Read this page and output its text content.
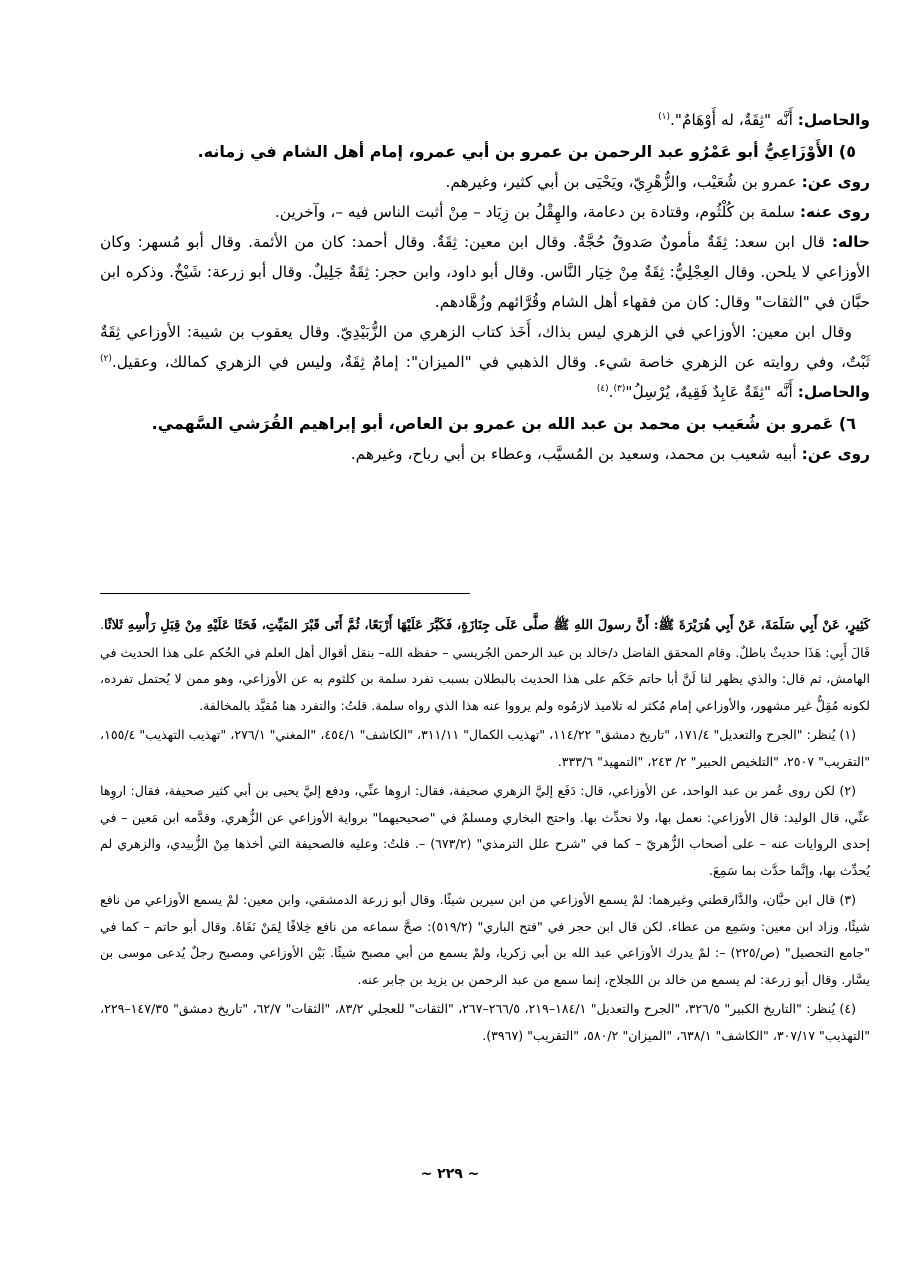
والحاصل: أَنَّه "ثِقَةٌ، له أَوْهَامٌ".$^{(١)}$

٥) الأَوْزَاعِيُّ أبو عَمْرُو عبد الرحمن بن عمرو بن أبي عمرو، إمام أهل الشام في زمانه.

روى عن: عمرو بن شُعَيْب، والزُّهْرِيّ، ويَحْيَى بن أبي كثير، وغيرهم.

روى عنه: سلمة بن كُلْثُوم، وقتادة بن دعامة، والهِقْلُ بن زِيَاد – مِنْ أثبت الناس فيه –، وآخرين.

حاله: قال ابن سعد: ثِقَةٌ مأمونٌ صَدوقٌ حُجَّةٌ. وقال ابن معين: ثِقَةٌ. وقال أحمد: كان من الأئمة. وقال أبو مُسهر: وكان الأوزاعي لا يلحن. وقال العِجْلِيُّ: ثِقَةٌ مِنْ خِيَار النَّاس. وقال أبو داود، وابن حجر: ثِقَةٌ جَلِيلٌ. وقال أبو زرعة: شَيْخٌ. وذكره ابن حبَّان في "الثقات" وقال: كان من فقهاء أهل الشام وقُرَّائهم وزُهَّادهم.

وقال ابن معين: الأوزاعي في الزهري ليس بذاك، أَخَذ كتاب الزهري من الزُّبَيْدِيّ. وقال يعقوب بن شيبة: الأوزاعي ثِقَةٌ ثَبْتٌ، وفي روايته عن الزهري خاصة شيء. وقال الذهبي في "الميزان": إمامٌ ثِقَةٌ، وليس في الزهري كمالك، وعقيل.$^{(٢)}$ والحاصل: أَنَّه "ثِقَةٌ عَابِدٌ فَقِيهٌ، يُرْسِلُ"$^{(٣)}$.$^{(٤)}$

٦) عَمرو بن شُعَيب بن محمد بن عبد الله بن عمرو بن العاص، أبو إبراهيم القُرَشي السَّهمي.

روى عن: أبيه شعيب بن محمد، وسعيد بن المُسيَّب، وعطاء بن أبي رباح، وغيرهم.

كَثِيرٍ، عَنْ أَبِي سَلَمَةَ، عَنْ أَبِي هُرَيْرَةَ ﷺ: أَنَّ رسولَ اللهِ ﷺ صلَّى عَلَى جِنَازَةٍ، فَكَبَّرَ عَلَيْهَا أَرْبَعًا، ثُمَّ أَتَى قَبْرَ المَيِّتِ، فَحَثَا عَلَيْهِ مِنْ قِبَلِ رَأْسِهِ ثَلاثًا. قَالَ أَبِي: هَذَا حديثٌ باطلٌ. وقام المحقق الفاضل د/خالد بن عبد الرحمن الجُريسي – حفظه الله– بنقل أقوال أهل العلم في الحُكم على هذا الحديث في الهامش، ثم قال: والذي يظهر لنا لَنَّ أبا حاتم حَكَم على هذا الحديث بالبطلان بسبب تفرد سلمة بن كلثوم به عن الأوزاعي، وهو ممن لا يُحتمل تفرده، لكونه مُقِلٌّ غير مشهور، والأوزاعي إمام مُكثر له تلاميذ لازمُوه ولم يرووا عنه هذا الذي رواه سلمة. قلتُ: والتفرد هنا مُقيَّد بالمخالفة.

(١) يُنظر: "الجرح والتعديل" ١٧١/٤، "تاريخ دمشق" ١١٤/٢٢، "تهذيب الكمال" ٣١١/١١، "الكاشف" ٤٥٤/١، "المغني" ٢٧٦/١، "تهذيب التهذيب" ١٥٥/٤، "التقريب" ٢٥٠٧، "التلخيص الحبير" ٢/ ٢٤٣، "التمهيد" ٣٣٣/٦.

(٢) لكن روى عُمر بن عبد الواحد، عن الأوزاعي، قال: دَفَع إليَّ الزهري صحيفة، فقال: اروِها عنِّي، ودفع إليَّ يحيى بن أبي كثير صحيفة، فقال: اروِها عنِّي، قال الوليد: قال الأوزاعي: نعمل بها، ولا نحدِّث بها. واحتج البخاري ومسلمٌ في "صحيحيهما" برواية الأوزاعي عن الزُّهري. وقدَّمه ابن مَعين – في إحدى الروايات عنه – على أصحاب الزُّهريّ – كما في "شرح علل الترمذي" (٦٧٣/٢) –. قلتُ: وعليه فالصحيفة التي أخذها مِنْ الزُّبيدي، والزهري لم يُحدِّث بها، وإنَّما حدَّث بما سَمِعَ.

(٣) قال ابن حبَّان، والدَّارقطني وغيرهما: لمْ يسمع الأوزاعي من ابن سيرين شيئًا. وقال أبو زرعة الدمشقي، وابن معين: لمْ يسمع الأوزاعي من نافع شيئًا، وزاد ابن معين: وسَمِع من عطاء. لكن قال ابن حجر في "فتح الباري" (٥١٩/٢): صحَّ سماعه من نافع خِلافًا لِمَنْ نَفَاهُ. وقال أبو حاتم – كما في "جامع التحصيل" (ص/٢٢٥) –: لمْ يدرك الأوزاعي عبد الله بن أبي زكريا، ولمْ يسمع من أبي مصبح شيئًا. بَيْن الأوزاعي ومصبح رجلٌ يُدعى موسى بن يسَّار. وقال أبو زرعة: لم يسمع من خالد بن اللجلاج، إنما سمع من عبد الرحمن بن يزيد بن جابر عنه.

(٤) يُنظر: "التاريخ الكبير" ٣٢٦/٥، "الجرح والتعديل" ١٨٤/١–٢١٩، ٢٦٦/٥–٢٦٧، "الثقات" للعجلي ٨٣/٢، "الثقات" ٦٢/٧، "تاريخ دمشق" ١٤٧/٣٥–٢٢٩، "التهذيب" ٣٠٧/١٧، "الكاشف" ٦٣٨/١، "الميزان" ٥٨٠/٢، "التقريب" (٣٩٦٧).

~ ٢٢٩ ~
